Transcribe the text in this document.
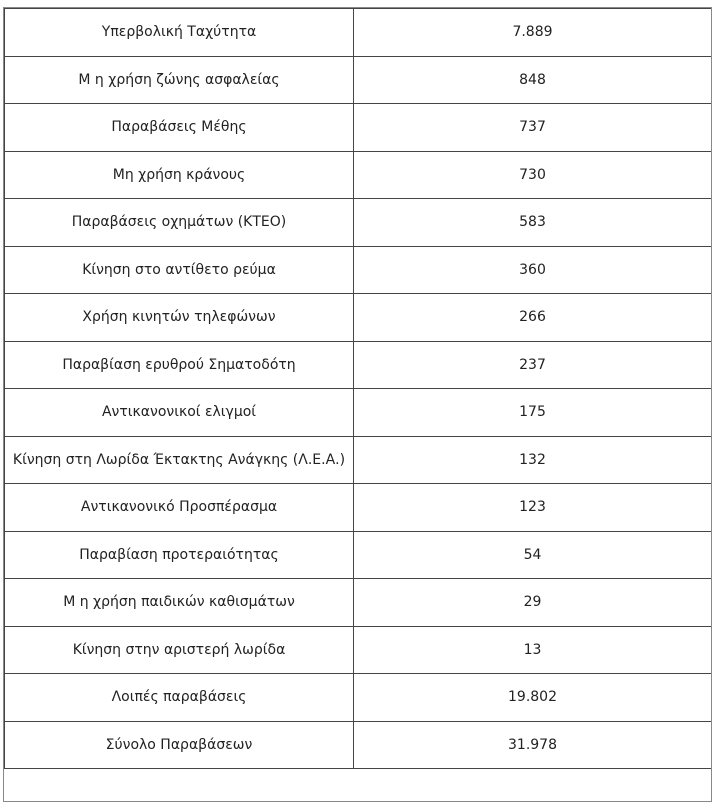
Υπερβολική Ταχύτητα	7.889
Μ η χρήση ζώνης ασφαλείας	848
Παραβάσεις Μέθης	737
Μη χρήση κράνους	730
Παραβάσεις οχημάτων (ΚΤΕΟ)	583
Κίνηση στο αντίθετο ρεύμα	360
Χρήση κινητών τηλεφώνων	266
Παραβίαση ερυθρού Σηματοδότη	237
Αντικανονικοί ελιγμοί	175
Κίνηση στη Λωρίδα Έκτακτης Ανάγκης (Λ.Ε.Α.)	132
Αντικανονικό Προσπέρασμα	123
Παραβίαση προτεραιότητας	54
Μ η χρήση παιδικών καθισμάτων	29
Κίνηση στην αριστερή λωρίδα	13
Λοιπές παραβάσεις	19.802
Σύνολο Παραβάσεων	31.978
